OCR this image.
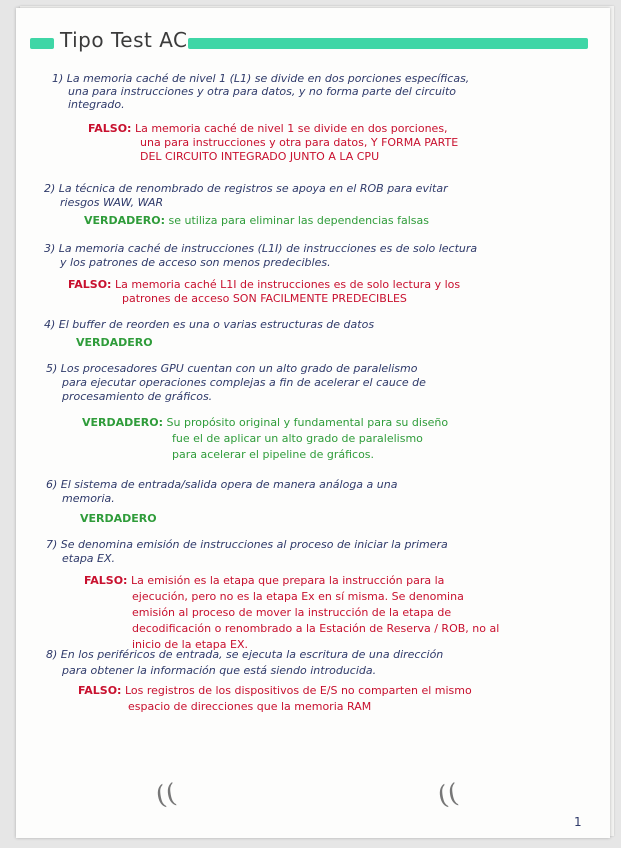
Tipo Test AC
1) La memoria caché de nivel 1 (L1) se divide en dos porciones específicas,
una para instrucciones y otra para datos, y no forma parte del circuito
integrado.
FALSO: La memoria caché de nivel 1 se divide en dos porciones,
una para instrucciones y otra para datos, Y FORMA PARTE
DEL CIRCUITO INTEGRADO JUNTO A LA CPU
2) La técnica de renombrado de registros se apoya en el ROB para evitar
riesgos WAW, WAR
VERDADERO: se utiliza para eliminar las dependencias falsas
3) La memoria caché de instrucciones (L1I) de instrucciones es de solo lectura
y los patrones de acceso son menos predecibles.
FALSO: La memoria caché L1I de instrucciones es de solo lectura y los
patrones de acceso SON FACILMENTE PREDECIBLES
4) El buffer de reorden es una o varias estructuras de datos
VERDADERO
5) Los procesadores GPU cuentan con un alto grado de paralelismo
para ejecutar operaciones complejas a fin de acelerar el cauce de
procesamiento de gráficos.
VERDADERO: Su propósito original y fundamental para su diseño
fue el de aplicar un alto grado de paralelismo
para acelerar el pipeline de gráficos.
6) El sistema de entrada/salida opera de manera análoga a una
memoria.
VERDADERO
7) Se denomina emisión de instrucciones al proceso de iniciar la primera
etapa EX.
FALSO: La emisión es la etapa que prepara la instrucción para la
ejecución, pero no es la etapa Ex en sí misma. Se denomina
emisión al proceso de mover la instrucción de la etapa de
decodificación o renombrado a la Estación de Reserva / ROB, no al
inicio de la etapa EX.
8) En los periféricos de entrada, se ejecuta la escritura de una dirección
para obtener la información que está siendo introducida.
FALSO: Los registros de los dispositivos de E/S no comparten el mismo
espacio de direcciones que la memoria RAM
((	((
1
